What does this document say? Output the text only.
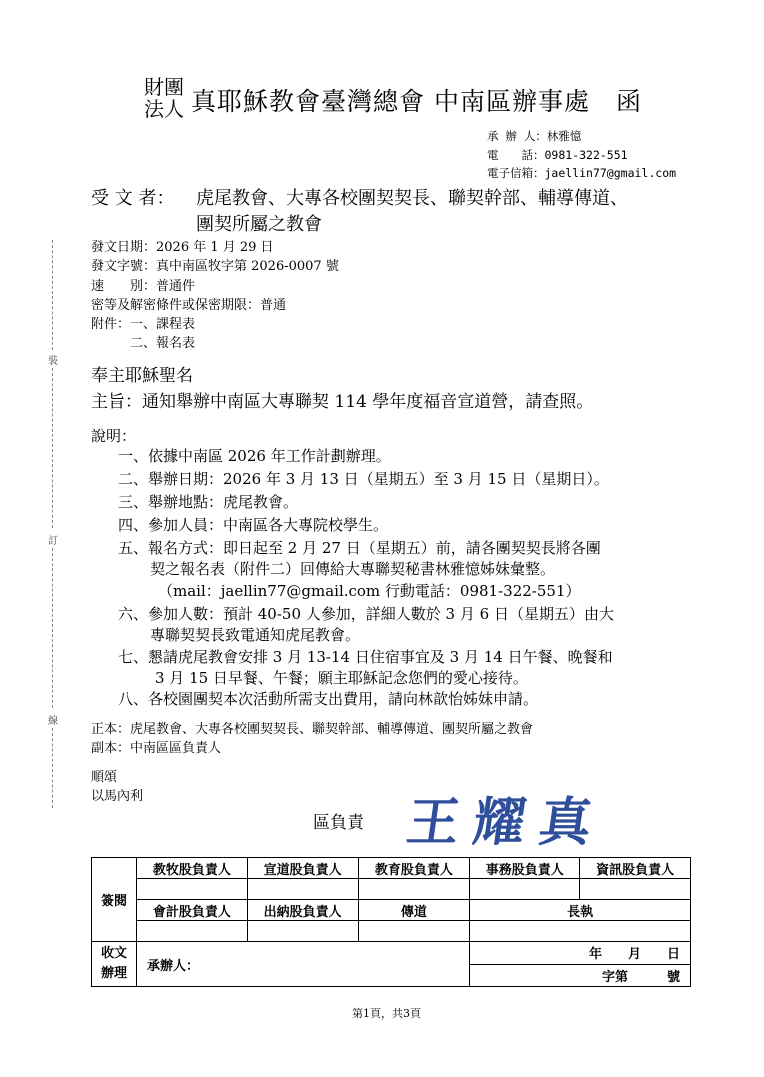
財團
法人 真耶穌教會臺灣總會 中南區辦事處　函
承 辦 人：林雅憶
電　　話：0981-322-551
電子信箱：jaellin77@gmail.com
受 文 者： 虎尾教會、大專各校團契契長、聯契幹部、輔導傳道、
團契所屬之教會
發文日期：2026 年 1 月 29 日
發文字號：真中南區牧字第 2026-0007 號
速　　別：普通件
密等及解密條件或保密期限：普通
附件：一、課程表
二、報名表
裝
訂
線
奉主耶穌聖名
主旨：通知舉辦中南區大專聯契 114 學年度福音宣道營，請查照。
說明：
一、依據中南區 2026 年工作計劃辦理。
二、舉辦日期：2026 年 3 月 13 日（星期五）至 3 月 15 日（星期日）。
三、舉辦地點：虎尾教會。
四、參加人員：中南區各大專院校學生。
五、報名方式：即日起至 2 月 27 日（星期五）前，請各團契契長將各團
契之報名表（附件二）回傳給大專聯契秘書林雅憶姊妹彙整。
（mail：jaellin77@gmail.com 行動電話：0981-322-551）
六、參加人數：預計 40-50 人參加，詳細人數於 3 月 6 日（星期五）由大
專聯契契長致電通知虎尾教會。
七、懇請虎尾教會安排 3 月 13-14 日住宿事宜及 3 月 14 日午餐、晚餐和
3 月 15 日早餐、午餐；願主耶穌記念您們的愛心接待。
八、各校園團契本次活動所需支出費用，請向林歆怡姊妹申請。
正本：虎尾教會、大專各校團契契長、聯契幹部、輔導傳道、團契所屬之教會
副本：中南區區負責人
順頌
以馬內利
區負責 王耀真
簽閱	教牧股負責人	宣道股負責人	教育股負責人	事務股負責人	資訊股負責人

	會計股負責人	出納股負責人	傳道	長執	

收文辦理	承辦人：			年　　月　　日	
				字第　　　號	
第1頁，共3頁
